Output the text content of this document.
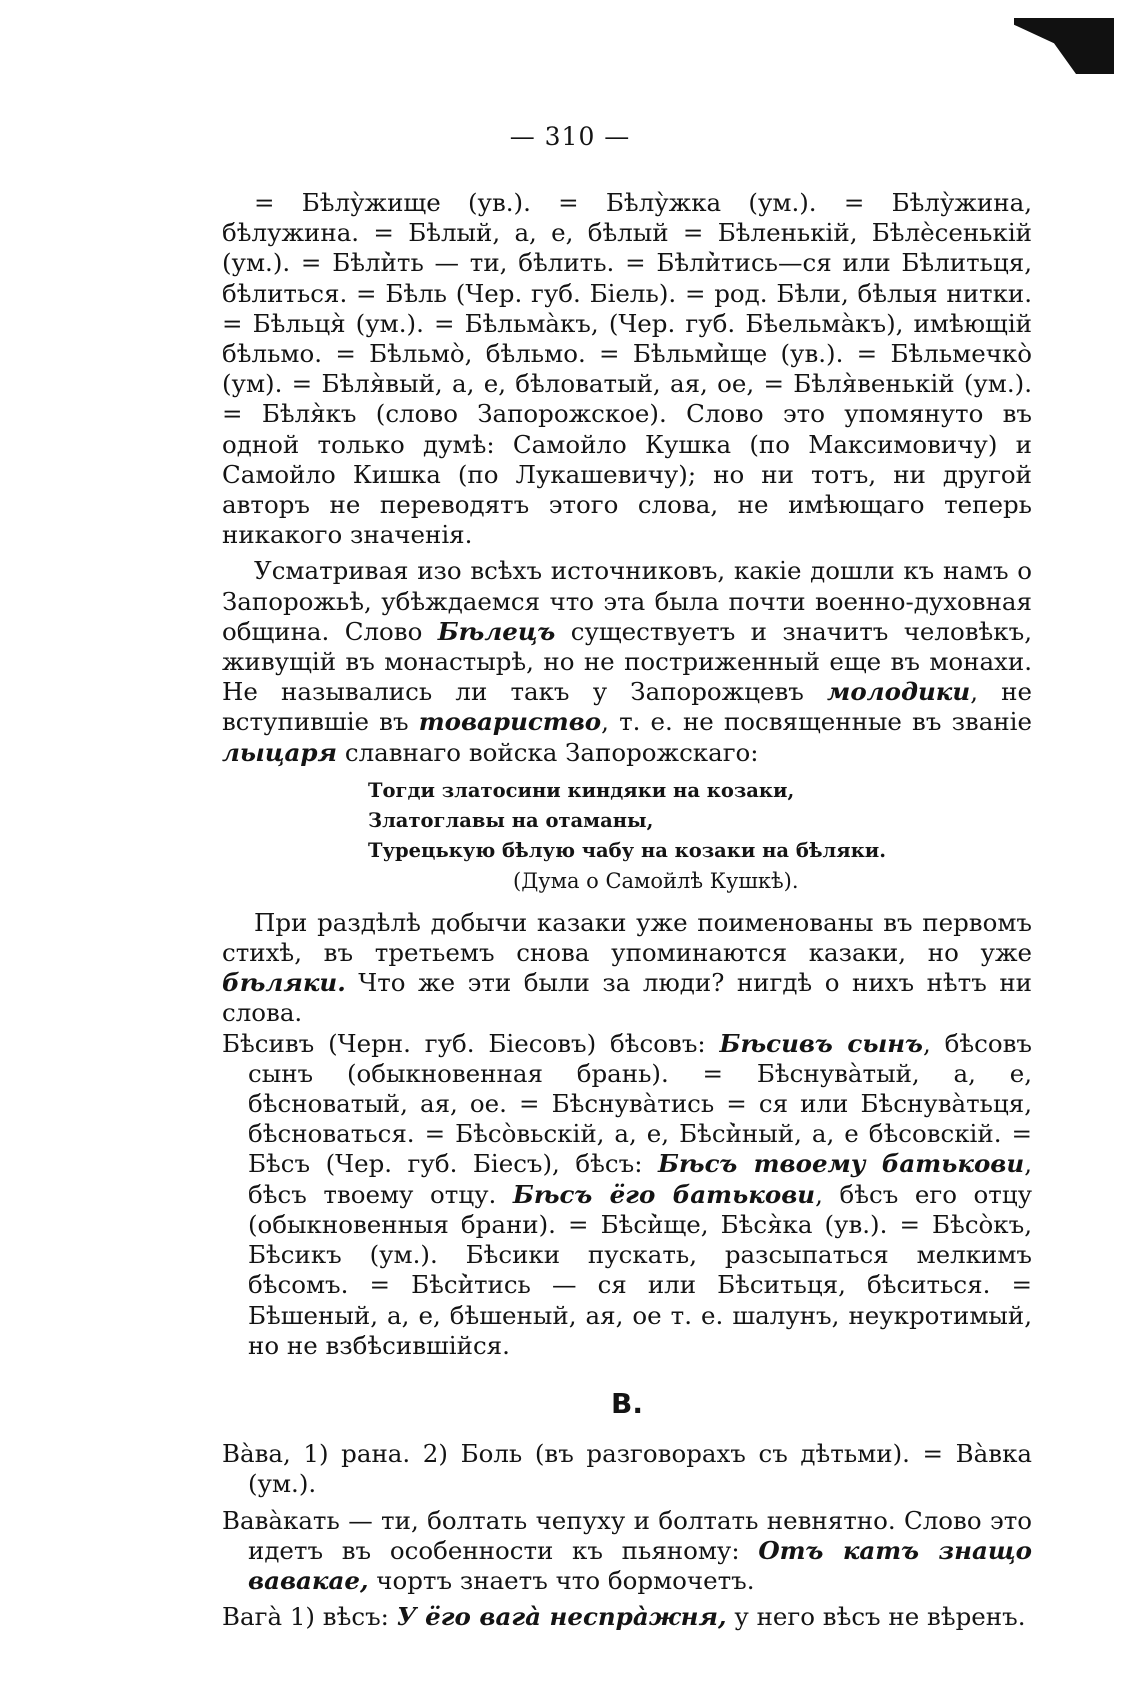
— 310 —

= Бѣлу̀жище (ув.). = Бѣлу̀жка (ум.). = Бѣлу̀жина, бѣлужина. = Бѣлый, а, е, бѣлый = Бѣленькій, Бѣлѐсенькій (ум.). = Бѣли̇̀ть — ти, бѣлить. = Бѣли̇̀тись—ся или Бѣлитьця, бѣлиться. = Бѣль (Чер. губ. Біель). = род. Бѣли, бѣлыя нитки. = Бѣльця̀ (ум.). = Бѣльма̀къ, (Чер. губ. Бѣельма̀къ), имѣющій бѣльмо. = Бѣльмо̀, бѣльмо. = Бѣльми̇̀ще (ув.). = Бѣльмечко̀ (ум). = Бѣля̀вый, а, е, бѣловатый, ая, ое, = Бѣля̀венькій (ум.). = Бѣля̀къ (слово Запорожское). Слово это упомянуто въ одной только думѣ: Самойло Кушка (по Максимовичу) и Самойло Кишка (по Лукашевичу); но ни тотъ, ни другой авторъ не переводятъ этого слова, не имѣющаго теперь никакого значенія.

Усматривая изо всѣхъ источниковъ, какіе дошли къ намъ о Запорожьѣ, убѣждаемся что эта была почти военно-духовная община. Слово Бѣлецъ существуетъ и значитъ человѣкъ, живущій въ монастырѣ, но не постриженный еще въ монахи. Не назывались ли такъ у Запорожцевъ молодики, не вступившіе въ товариство, т. е. не посвященные въ званіе лыцаря славнаго войска Запорожскаго:

Тогди златосини киндяки на козаки,
Златоглавы на отаманы,
Турецькую бѣлую чабу на козаки на бѣляки.
(Дума о Самойлѣ Кушкѣ).

При раздѣлѣ добычи казаки уже поименованы въ первомъ стихѣ, въ третьемъ снова упоминаются казаки, но уже бѣляки. Что же эти были за люди? нигдѣ о нихъ нѣтъ ни слова.

Бѣсивъ (Черн. губ. Біесовъ) бѣсовъ: Бѣсивъ сынъ, бѣсовъ сынъ (обыкновенная брань). = Бѣснува̀тый, а, е, бѣсноватый, ая, ое. = Бѣснува̀тись = ся или Бѣснува̀тьця, бѣсноваться. = Бѣсо̀вьскій, а, е, Бѣси̇̀ный, а, е бѣсовскій. = Бѣсъ (Чер. губ. Біесъ), бѣсъ: Бѣсъ твоему батькови, бѣсъ твоему отцу. Бѣсъ ёго батькови, бѣсъ его отцу (обыкновенныя брани). = Бѣси̇̀ще, Бѣся̀ка (ув.). = Бѣсо̀къ, Бѣсикъ (ум.). Бѣсики пускать, разсыпаться мелкимъ бѣсомъ. = Бѣси̇̀тись — ся или Бѣситьця, бѣситься. = Бѣшеный, а, е, бѣшеный, ая, ое т. е. шалунъ, неукротимый, но не взбѣсившійся.

В.

Ва̀ва, 1) рана. 2) Боль (въ разговорахъ съ дѣтьми). = Ва̀вка (ум.).

Вава̀кать — ти, болтать чепуху и болтать невнятно. Слово это идетъ въ особенности къ пьяному: Отъ катъ знащо вавакае, чортъ знаетъ что бормочетъ.

Вага̀ 1) вѣсъ: У ёго вага̀ неспра̀жня, у него вѣсъ не вѣренъ.
